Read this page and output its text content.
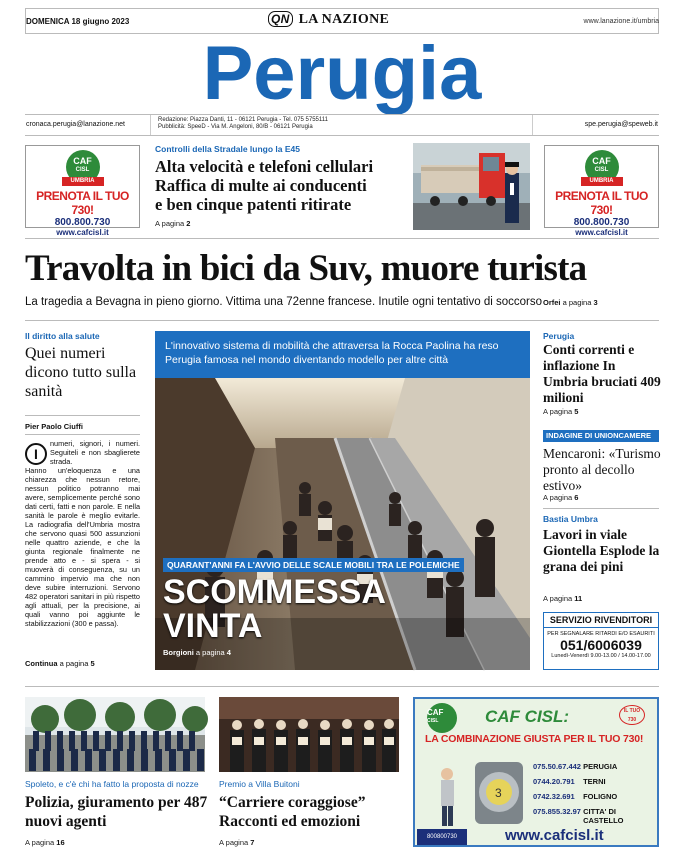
DOMENICA 18 giugno 2023	QN LA NAZIONE	www.lanazione.it/umbria
Perugia
cronaca.perugia@lanazione.net
Redazione: Piazza Danti, 11 - 06121 Perugia - Tel. 075 5755111
Pubblicità: SpeeD - Via M. Angeloni, 80/B - 06121 Perugia	spe.perugia@speweb.it
CAF
CISL
UMBRIA
PRENOTA IL TUO 730!
800.800.730
www.cafcisl.it
CAF
CISL
UMBRIA
PRENOTA IL TUO 730!
800.800.730
www.cafcisl.it
Controlli della Stradale lungo la E45
Alta velocità e telefoni cellulari
Raffica di multe ai conducenti
e ben cinque patenti ritirate
A pagina 2
Travolta in bici da Suv, muore turista
La tragedia a Bevagna in pieno giorno. Vittima una 72enne francese. Inutile ogni tentativo di soccorso Orfei a pagina 3
Il diritto alla salute
Quei numeri dicono tutto sulla sanità
Pier Paolo Ciuffi
numeri, signori, i numeri. Seguiteli e non sbaglierete strada.
Hanno un'eloquenza e una chiarezza che nessun retore, nessun politico potranno mai avere, semplicemente perché sono dati certi, fatti e non parole. E nella sanità le parole è meglio evitarle. La radiografia dell'Umbria mostra che servono quasi 500 assunzioni nelle quattro aziende, e che la giunta regionale finalmente ne prende atto e - si spera - si muoverà di conseguenza, su un cammino impervio ma che non deve subire interruzioni. Servono 482 operatori sanitari in più rispetto agli attuali, per la precisione, ai quali vanno poi aggiunte le stabilizzazioni (300 e passa).
I
Continua a pagina 5
L'innovativo sistema di mobilità che attraversa la Rocca Paolina ha reso Perugia famosa nel mondo diventando modello per altre città
QUARANT'ANNI FA L'AVVIO DELLE SCALE MOBILI TRA LE POLEMICHE
SCOMMESSA
VINTA
Borgioni a pagina 4
Perugia
Conti correnti e inflazione In Umbria bruciati 409 milioni
A pagina 5
INDAGINE DI UNIONCAMERE
Mencaroni: «Turismo pronto al decollo estivo»
A pagina 6
Bastia Umbra
Lavori in viale Giontella Esplode la grana dei pini
A pagina 11
SERVIZIO RIVENDITORI
PER SEGNALARE RITARDI E/O ESAURITI
051/6006039
Lunedì-Venerdì 9.00-13.00 / 14.00-17.00
Spoleto, e c'è chi ha fatto la proposta di nozze
Polizia, giuramento per 487 nuovi agenti
A pagina 16
Premio a Villa Buitoni
“Carriere coraggiose” Racconti ed emozioni
A pagina 7
CAF
CISL	CAF CISL:	IL TUO 730
LA COMBINAZIONE GIUSTA PER IL TUO 730!
3
075.50.67.442 PERUGIA
0744.20.791 TERNI
0742.32.691 FOLIGNO
075.855.32.97 CITTA' DI CASTELLO
800800730	www.cafcisl.it
